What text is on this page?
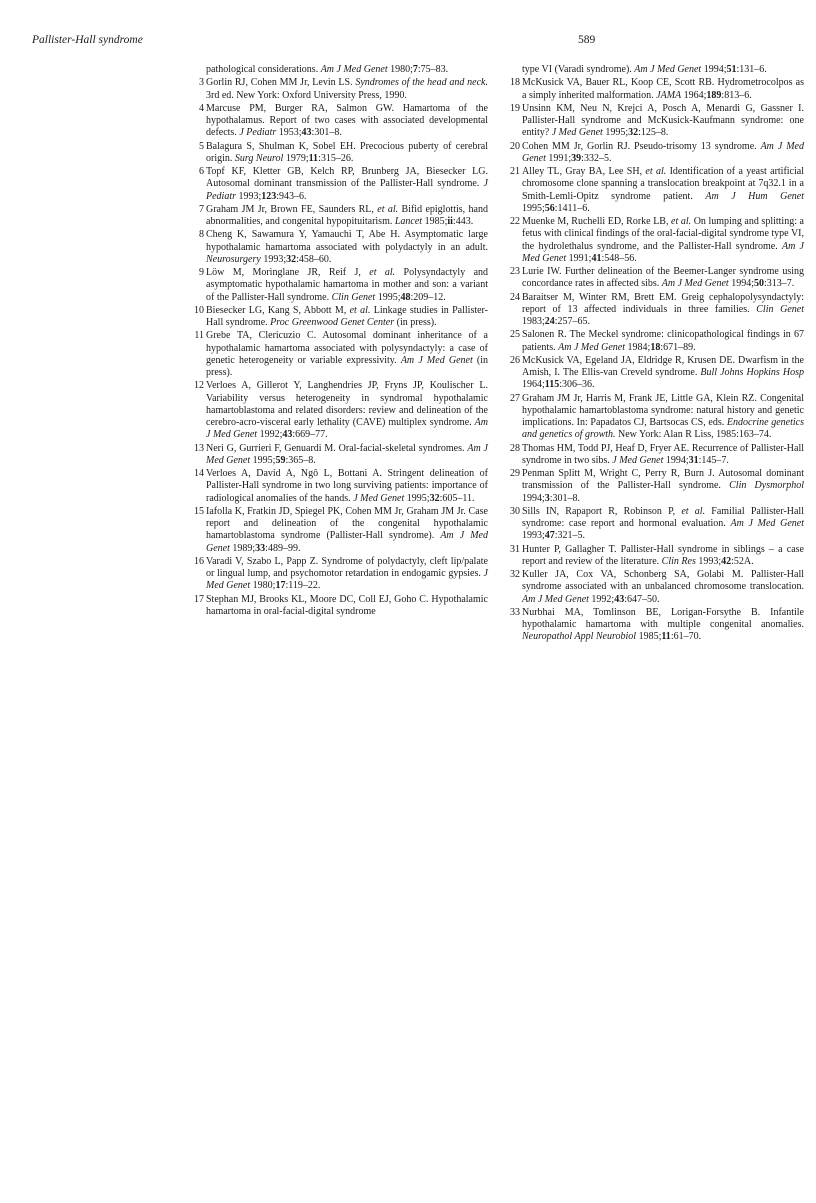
Pallister-Hall syndrome	589
pathological considerations. Am J Med Genet 1980;7:75–83.
3 Gorlin RJ, Cohen MM Jr, Levin LS. Syndromes of the head and neck. 3rd ed. New York: Oxford University Press, 1990.
4 Marcuse PM, Burger RA, Salmon GW. Hamartoma of the hypothalamus. Report of two cases with associated developmental defects. J Pediatr 1953;43:301–8.
5 Balagura S, Shulman K, Sobel EH. Precocious puberty of cerebral origin. Surg Neurol 1979;11:315–26.
6 Topf KF, Kletter GB, Kelch RP, Brunberg JA, Biesecker LG. Autosomal dominant transmission of the Pallister-Hall syndrome. J Pediatr 1993;123:943–6.
7 Graham JM Jr, Brown FE, Saunders RL, et al. Bifid epiglottis, hand abnormalities, and congenital hypopituitarism. Lancet 1985;ii:443.
8 Cheng K, Sawamura Y, Yamauchi T, Abe H. Asymptomatic large hypothalamic hamartoma associated with polydactyly in an adult. Neurosurgery 1993;32:458–60.
9 Löw M, Moringlane JR, Reif J, et al. Polysyndactyly and asymptomatic hypothalamic hamartoma in mother and son: a variant of the Pallister-Hall syndrome. Clin Genet 1995;48:209–12.
10 Biesecker LG, Kang S, Abbott M, et al. Linkage studies in Pallister-Hall syndrome. Proc Greenwood Genet Center (in press).
11 Grebe TA, Clericuzio C. Autosomal dominant inheritance of a hypothalamic hamartoma associated with polysyndactyly: a case of genetic heterogeneity or variable expressivity. Am J Med Genet (in press).
12 Verloes A, Gillerot Y, Langhendries JP, Fryns JP, Koulischer L. Variability versus heterogeneity in syndromal hypothalamic hamartoblastoma and related disorders: review and delineation of the cerebro-acro-visceral early lethality (CAVE) multiplex syndrome. Am J Med Genet 1992;43:669–77.
13 Neri G, Gurrieri F, Genuardi M. Oral-facial-skeletal syndromes. Am J Med Genet 1995;59:365–8.
14 Verloes A, David A, Ngô L, Bottani A. Stringent delineation of Pallister-Hall syndrome in two long surviving patients: importance of radiological anomalies of the hands. J Med Genet 1995;32:605–11.
15 Iafolla K, Fratkin JD, Spiegel PK, Cohen MM Jr, Graham JM Jr. Case report and delineation of the congenital hypothalamic hamartoblastoma syndrome (Pallister-Hall syndrome). Am J Med Genet 1989;33:489–99.
16 Varadi V, Szabo L, Papp Z. Syndrome of polydactyly, cleft lip/palate or lingual lump, and psychomotor retardation in endogamic gypsies. J Med Genet 1980;17:119–22.
17 Stephan MJ, Brooks KL, Moore DC, Coll EJ, Goho C. Hypothalamic hamartoma in oral-facial-digital syndrome
type VI (Varadi syndrome). Am J Med Genet 1994;51:131–6.
18 McKusick VA, Bauer RL, Koop CE, Scott RB. Hydrometrocolpos as a simply inherited malformation. JAMA 1964;189:813–6.
19 Unsinn KM, Neu N, Krejci A, Posch A, Menardi G, Gassner I. Pallister-Hall syndrome and McKusick-Kaufmann syndrome: one entity? J Med Genet 1995;32:125–8.
20 Cohen MM Jr, Gorlin RJ. Pseudo-trisomy 13 syndrome. Am J Med Genet 1991;39:332–5.
21 Alley TL, Gray BA, Lee SH, et al. Identification of a yeast artificial chromosome clone spanning a translocation breakpoint at 7q32.1 in a Smith-Lemli-Opitz syndrome patient. Am J Hum Genet 1995;56:1411–6.
22 Muenke M, Ruchelli ED, Rorke LB, et al. On lumping and splitting: a fetus with clinical findings of the oral-facial-digital syndrome type VI, the hydrolethalus syndrome, and the Pallister-Hall syndrome. Am J Med Genet 1991;41:548–56.
23 Lurie IW. Further delineation of the Beemer-Langer syndrome using concordance rates in affected sibs. Am J Med Genet 1994;50:313–7.
24 Baraitser M, Winter RM, Brett EM. Greig cephalopolysyndactyly: report of 13 affected individuals in three families. Clin Genet 1983;24:257–65.
25 Salonen R. The Meckel syndrome: clinicopathological findings in 67 patients. Am J Med Genet 1984;18:671–89.
26 McKusick VA, Egeland JA, Eldridge R, Krusen DE. Dwarfism in the Amish, I. The Ellis-van Creveld syndrome. Bull Johns Hopkins Hosp 1964;115:306–36.
27 Graham JM Jr, Harris M, Frank JE, Little GA, Klein RZ. Congenital hypothalamic hamartoblastoma syndrome: natural history and genetic implications. In: Papadatos CJ, Bartsocas CS, eds. Endocrine genetics and genetics of growth. New York: Alan R Liss, 1985:163–74.
28 Thomas HM, Todd PJ, Heaf D, Fryer AE. Recurrence of Pallister-Hall syndrome in two sibs. J Med Genet 1994;31:145–7.
29 Penman Splitt M, Wright C, Perry R, Burn J. Autosomal dominant transmission of the Pallister-Hall syndrome. Clin Dysmorphol 1994;3:301–8.
30 Sills IN, Rapaport R, Robinson P, et al. Familial Pallister-Hall syndrome: case report and hormonal evaluation. Am J Med Genet 1993;47:321–5.
31 Hunter P, Gallagher T. Pallister-Hall syndrome in siblings – a case report and review of the literature. Clin Res 1993;42:52A.
32 Kuller JA, Cox VA, Schonberg SA, Golabi M. Pallister-Hall syndrome associated with an unbalanced chromosome translocation. Am J Med Genet 1992;43:647–50.
33 Nurbhai MA, Tomlinson BE, Lorigan-Forsythe B. Infantile hypothalamic hamartoma with multiple congenital anomalies. Neuropathol Appl Neurobiol 1985;11:61–70.
